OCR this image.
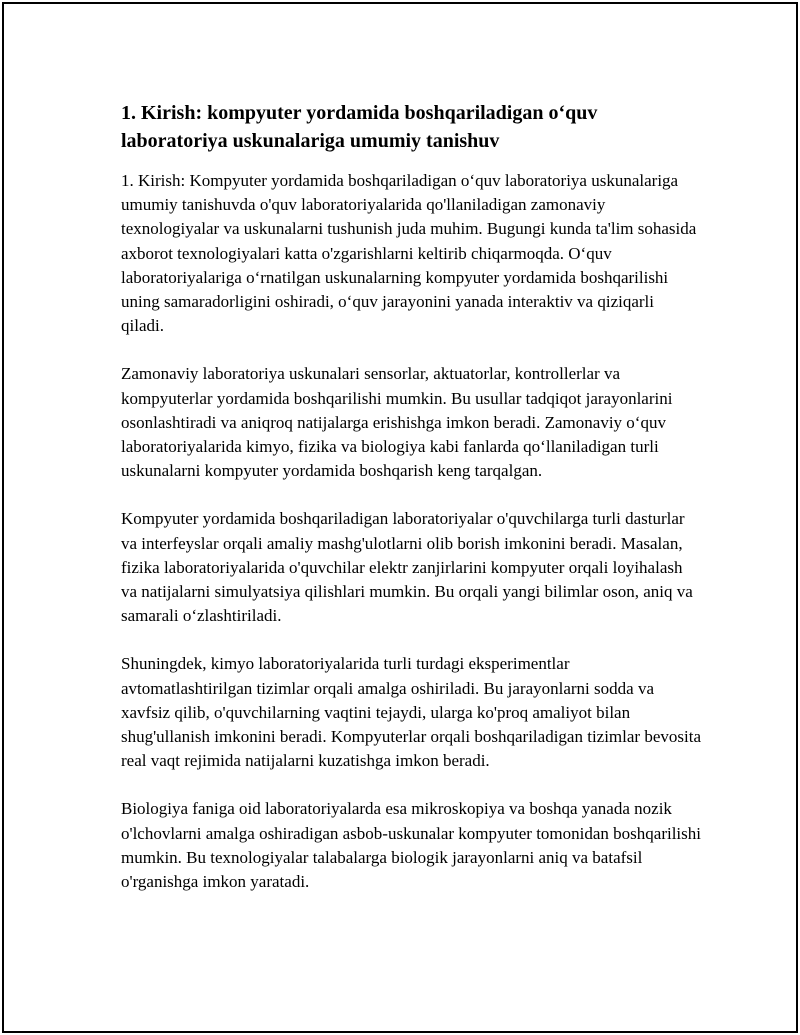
1. Kirish: kompyuter yordamida boshqariladigan o‘quv laboratoriya uskunalariga umumiy tanishuv

1. Kirish: Kompyuter yordamida boshqariladigan o‘quv laboratoriya uskunalariga umumiy tanishuvda o'quv laboratoriyalarida qo'llaniladigan zamonaviy texnologiyalar va uskunalarni tushunish juda muhim. Bugungi kunda ta'lim sohasida axborot texnologiyalari katta o'zgarishlarni keltirib chiqarmoqda. O‘quv laboratoriyalariga o‘rnatilgan uskunalarning kompyuter yordamida boshqarilishi uning samaradorligini oshiradi, o‘quv jarayonini yanada interaktiv va qiziqarli qiladi.

Zamonaviy laboratoriya uskunalari sensorlar, aktuatorlar, kontrollerlar va kompyuterlar yordamida boshqarilishi mumkin. Bu usullar tadqiqot jarayonlarini osonlashtiradi va aniqroq natijalarga erishishga imkon beradi. Zamonaviy o‘quv laboratoriyalarida kimyo, fizika va biologiya kabi fanlarda qo‘llaniladigan turli uskunalarni kompyuter yordamida boshqarish keng tarqalgan.

Kompyuter yordamida boshqariladigan laboratoriyalar o'quvchilarga turli dasturlar va interfeyslar orqali amaliy mashg'ulotlarni olib borish imkonini beradi. Masalan, fizika laboratoriyalarida o'quvchilar elektr zanjirlarini kompyuter orqali loyihalash va natijalarni simulyatsiya qilishlari mumkin. Bu orqali yangi bilimlar oson, aniq va samarali o‘zlashtiriladi.

Shuningdek, kimyo laboratoriyalarida turli turdagi eksperimentlar avtomatlashtirilgan tizimlar orqali amalga oshiriladi. Bu jarayonlarni sodda va xavfsiz qilib, o'quvchilarning vaqtini tejaydi, ularga ko'proq amaliyot bilan shug'ullanish imkonini beradi. Kompyuterlar orqali boshqariladigan tizimlar bevosita real vaqt rejimida natijalarni kuzatishga imkon beradi.

Biologiya faniga oid laboratoriyalarda esa mikroskopiya va boshqa yanada nozik o'lchovlarni amalga oshiradigan asbob-uskunalar kompyuter tomonidan boshqarilishi mumkin. Bu texnologiyalar talabalarga biologik jarayonlarni aniq va batafsil o'rganishga imkon yaratadi.
